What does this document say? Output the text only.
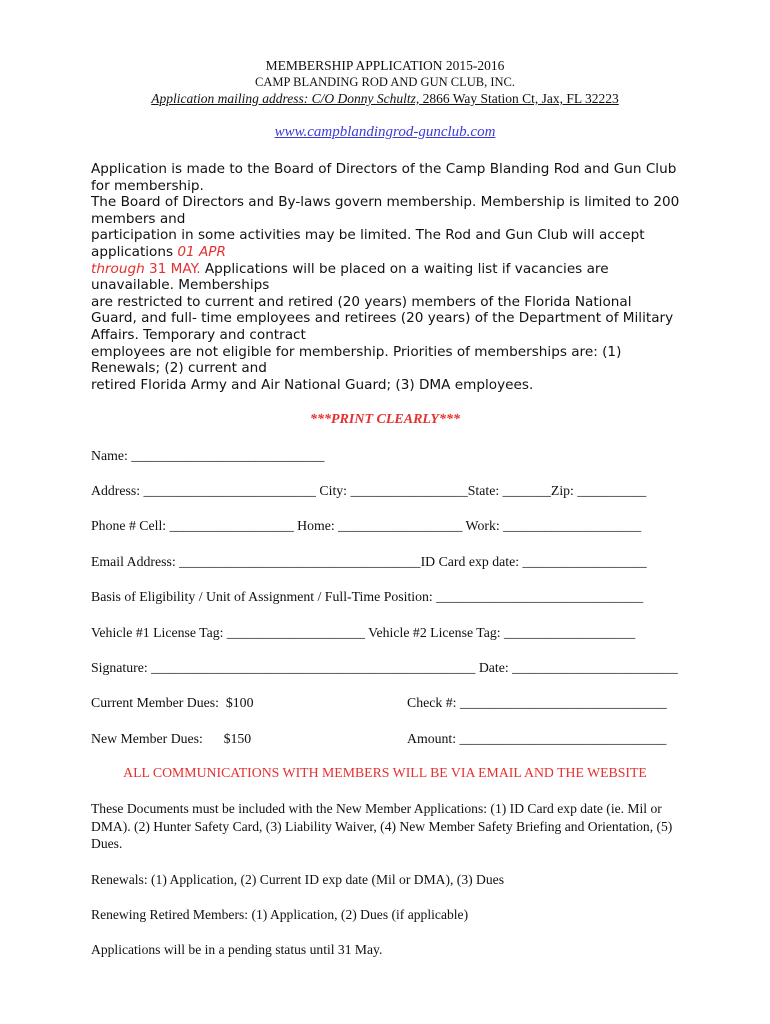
MEMBERSHIP APPLICATION 2015-2016
CAMP BLANDING ROD AND GUN CLUB, INC.
Application mailing address: C/O Donny Schultz, 2866 Way Station Ct, Jax, FL 32223
www.campblandingrod-gunclub.com
Application is made to the Board of Directors of the Camp Blanding Rod and Gun Club for membership.
The Board of Directors and By-laws govern membership. Membership is limited to 200 members and
participation in some activities may be limited. The Rod and Gun Club will accept applications 01 APR
through 31 MAY. Applications will be placed on a waiting list if vacancies are unavailable. Memberships
are restricted to current and retired (20 years) members of the Florida National Guard, and full- time employees and retirees (20 years) of the Department of Military Affairs. Temporary and contract
employees are not eligible for membership. Priorities of memberships are: (1) Renewals; (2) current and
retired Florida Army and Air National Guard; (3) DMA employees.
***PRINT CLEARLY***
Name: ____________________________
Address: _________________________ City: _________________State: _______Zip: __________
Phone # Cell: __________________ Home: __________________ Work: ____________________
Email Address: ___________________________________ID Card exp date: __________________
Basis of Eligibility / Unit of Assignment / Full-Time Position: ______________________________
Vehicle #1 License Tag: ____________________ Vehicle #2 License Tag: ___________________
Signature: _______________________________________________ Date: ________________________
Current Member Dues:  $100	Check #: ______________________________
New Member Dues:      $150	Amount: ______________________________
ALL COMMUNICATIONS WITH MEMBERS WILL BE VIA EMAIL AND THE WEBSITE
These Documents must be included with the New Member Applications: (1) ID Card exp date (ie. Mil or DMA). (2) Hunter Safety Card, (3) Liability Waiver, (4) New Member Safety Briefing and Orientation, (5) Dues.
Renewals: (1) Application, (2) Current ID exp date (Mil or DMA), (3) Dues
Renewing Retired Members: (1) Application, (2) Dues (if applicable)
Applications will be in a pending status until 31 May.
